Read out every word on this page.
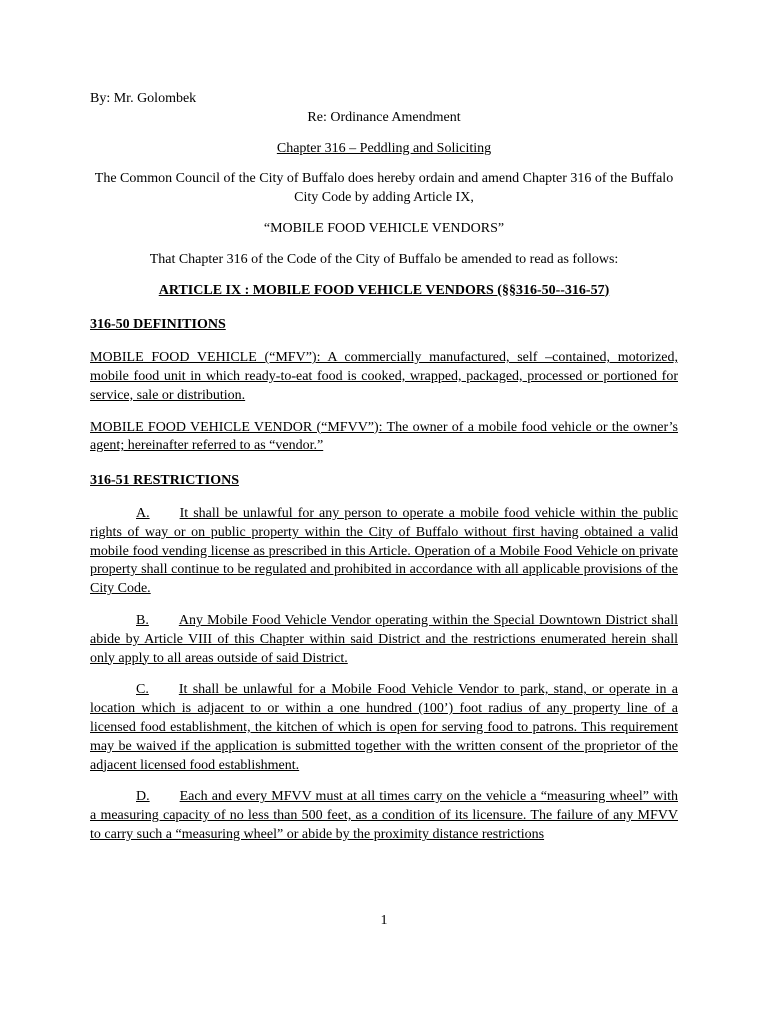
By: Mr. Golombek

Re: Ordinance Amendment

Chapter 316 – Peddling and Soliciting

The Common Council of the City of Buffalo does hereby ordain and amend Chapter 316 of the Buffalo City Code by adding Article IX,

“MOBILE FOOD VEHICLE VENDORS”

That Chapter 316 of the Code of the City of Buffalo be amended to read as follows:

ARTICLE IX : MOBILE FOOD VEHICLE VENDORS (§§316-50--316-57)

316-50 DEFINITIONS

MOBILE FOOD VEHICLE (“MFV”): A commercially manufactured, self –contained, motorized, mobile food unit in which ready-to-eat food is cooked, wrapped, packaged, processed or portioned for service, sale or distribution.

MOBILE FOOD VEHICLE VENDOR (“MFVV”): The owner of a mobile food vehicle or the owner’s agent; hereinafter referred to as “vendor.”

316-51 RESTRICTIONS

A. It shall be unlawful for any person to operate a mobile food vehicle within the public rights of way or on public property within the City of Buffalo without first having obtained a valid mobile food vending license as prescribed in this Article. Operation of a Mobile Food Vehicle on private property shall continue to be regulated and prohibited in accordance with all applicable provisions of the City Code.

B. Any Mobile Food Vehicle Vendor operating within the Special Downtown District shall abide by Article VIII of this Chapter within said District and the restrictions enumerated herein shall only apply to all areas outside of said District.

C. It shall be unlawful for a Mobile Food Vehicle Vendor to park, stand, or operate in a location which is adjacent to or within a one hundred (100’) foot radius of any property line of a licensed food establishment, the kitchen of which is open for serving food to patrons. This requirement may be waived if the application is submitted together with the written consent of the proprietor of the adjacent licensed food establishment.

D. Each and every MFVV must at all times carry on the vehicle a “measuring wheel” with a measuring capacity of no less than 500 feet, as a condition of its licensure. The failure of any MFVV to carry such a “measuring wheel” or abide by the proximity distance restrictions

1
